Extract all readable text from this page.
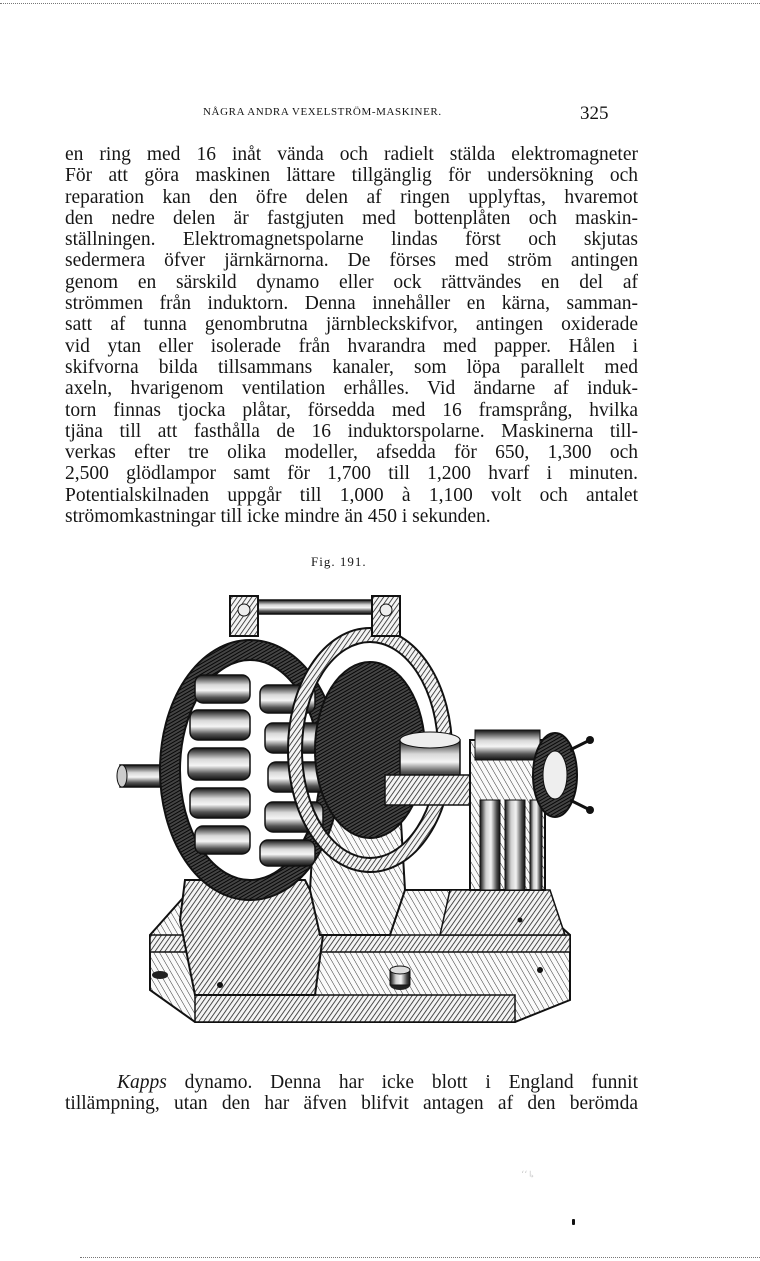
NÅGRA ANDRA VEXELSTRÖM-MASKINER.	325
en ring med 16 inåt vända och radielt stälda elektromagneter
För att göra maskinen lättare tillgänglig för undersökning och
reparation kan den öfre delen af ringen upplyftas, hvaremot
den nedre delen är fastgjuten med bottenplåten och maskin-
ställningen. Elektromagnetspolarne lindas först och skjutas
sedermera öfver järnkärnorna. De förses med ström antingen
genom en särskild dynamo eller ock rättvändes en del af
strömmen från induktorn. Denna innehåller en kärna, samman-
satt af tunna genombrutna järnbleckskifvor, antingen oxiderade
vid ytan eller isolerade från hvarandra med papper. Hålen i
skifvorna bilda tillsammans kanaler, som löpa parallelt med
axeln, hvarigenom ventilation erhålles. Vid ändarne af induk-
torn finnas tjocka plåtar, försedda med 16 framsprång, hvilka
tjäna till att fasthålla de 16 induktorspolarne. Maskinerna till-
verkas efter tre olika modeller, afsedda för 650, 1,300 och
2,500 glödlampor samt för 1,700 till 1,200 hvarf i minuten.
Potentialskilnaden uppgår till 1,000 à 1,100 volt och antalet
strömomkastningar till icke mindre än 450 i sekunden.
Fig. 191.
Kapps dynamo. Denna har icke blott i England funnit
tillämpning, utan den har äfven blifvit antagen af den berömda
ʻʻ↳
